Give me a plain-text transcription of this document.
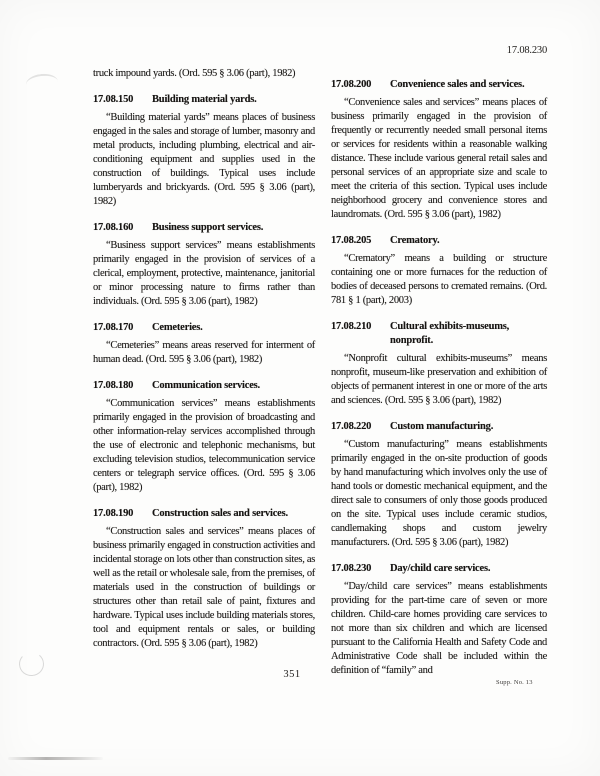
17.08.230

truck impound yards. (Ord. 595 § 3.06 (part), 1982)

17.08.150	Building material yards.

“Building material yards” means places of business engaged in the sales and storage of lumber, masonry and metal products, including plumbing, electrical and air-conditioning equipment and supplies used in the construction of buildings. Typical uses include lumberyards and brickyards. (Ord. 595 § 3.06 (part), 1982)

17.08.160	Business support services.

“Business support services” means establishments primarily engaged in the provision of services of a clerical, employment, protective, maintenance, janitorial or minor processing nature to firms rather than individuals. (Ord. 595 § 3.06 (part), 1982)

17.08.170	Cemeteries.

“Cemeteries” means areas reserved for interment of human dead. (Ord. 595 § 3.06 (part), 1982)

17.08.180	Communication services.

“Communication services” means establishments primarily engaged in the provision of broadcasting and other information-relay services accomplished through the use of electronic and telephonic mechanisms, but excluding television studios, telecommunication service centers or telegraph service offices. (Ord. 595 § 3.06 (part), 1982)

17.08.190	Construction sales and services.

“Construction sales and services” means places of business primarily engaged in construction activities and incidental storage on lots other than construction sites, as well as the retail or wholesale sale, from the premises, of materials used in the construction of buildings or structures other than retail sale of paint, fixtures and hardware. Typical uses include building materials stores, tool and equipment rentals or sales, or building contractors. (Ord. 595 § 3.06 (part), 1982)

17.08.200	Convenience sales and services.

“Convenience sales and services” means places of business primarily engaged in the provision of frequently or recurrently needed small personal items or services for residents within a reasonable walking distance. These include various general retail sales and personal services of an appropriate size and scale to meet the criteria of this section. Typical uses include neighborhood grocery and convenience stores and laundromats. (Ord. 595 § 3.06 (part), 1982)

17.08.205	Crematory.

“Crematory” means a building or structure containing one or more furnaces for the reduction of bodies of deceased persons to cremated remains. (Ord. 781 § 1 (part), 2003)

17.08.210	Cultural exhibits-museums, nonprofit.

“Nonprofit cultural exhibits-museums” means nonprofit, museum-like preservation and exhibition of objects of permanent interest in one or more of the arts and sciences. (Ord. 595 § 3.06 (part), 1982)

17.08.220	Custom manufacturing.

“Custom manufacturing” means establishments primarily engaged in the on-site production of goods by hand manufacturing which involves only the use of hand tools or domestic mechanical equipment, and the direct sale to consumers of only those goods produced on the site. Typical uses include ceramic studios, candlemaking shops and custom jewelry manufacturers. (Ord. 595 § 3.06 (part), 1982)

17.08.230	Day/child care services.

“Day/child care services” means establishments providing for the part-time care of seven or more children. Child-care homes providing care services to not more than six children and which are licensed pursuant to the California Health and Safety Code and Administrative Code shall be included within the definition of “family” and

351
Supp. No. 13
